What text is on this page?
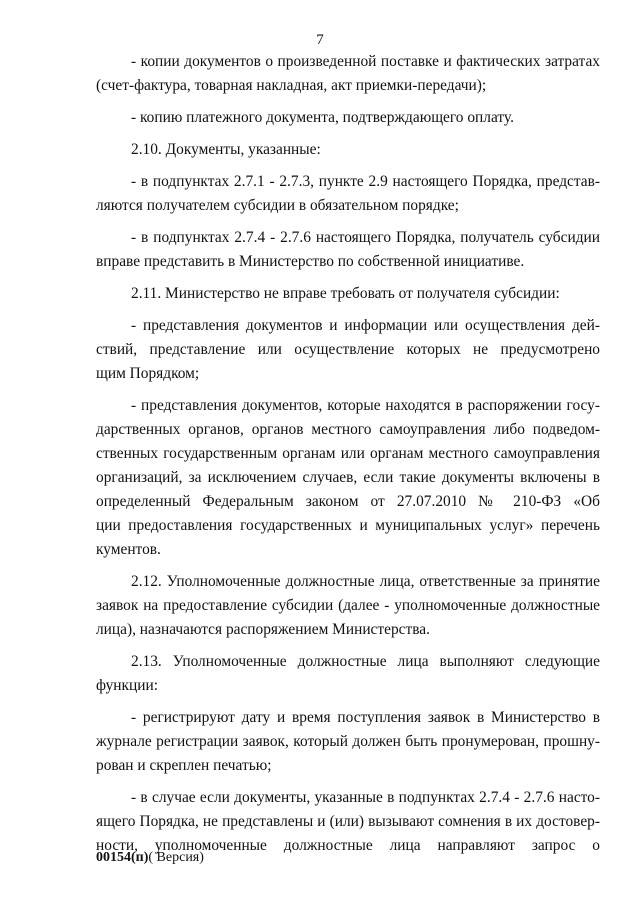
7
- копии документов о произведенной поставке и фактических затратах
(счет-фактура, товарная накладная, акт приемки-передачи);
- копию платежного документа, подтверждающего оплату.
2.10. Документы, указанные:
- в подпунктах 2.7.1 - 2.7.3, пункте 2.9 настоящего Порядка, представ-
ляются получателем субсидии в обязательном порядке;
- в подпунктах 2.7.4 - 2.7.6 настоящего Порядка, получатель субсидии
вправе представить в Министерство по собственной инициативе.
2.11. Министерство не вправе требовать от получателя субсидии:
- представления документов и информации или осуществления дей-
ствий, представление или осуществление которых не предусмотрено
щим Порядком;
- представления документов, которые находятся в распоряжении госу-
дарственных органов, органов местного самоуправления либо подведом-
ственных государственным органам или органам местного самоуправления
организаций, за исключением случаев, если такие документы включены в
определенный Федеральным законом от 27.07.2010 № 210-ФЗ «Об
ции предоставления государственных и муниципальных услуг» перечень
кументов.
2.12. Уполномоченные должностные лица, ответственные за принятие
заявок на предоставление субсидии (далее - уполномоченные должностные
лица), назначаются распоряжением Министерства.
2.13. Уполномоченные должностные лица выполняют следующие
функции:
- регистрируют дату и время поступления заявок в Министерство в
журнале регистрации заявок, который должен быть пронумерован, прошну-
рован и скреплен печатью;
- в случае если документы, указанные в подпунктах 2.7.4 - 2.7.6 насто-
ящего Порядка, не представлены и (или) вызывают сомнения в их достовер-
ности, уполномоченные должностные лица направляют запрос о
00154(п)( Версия)
